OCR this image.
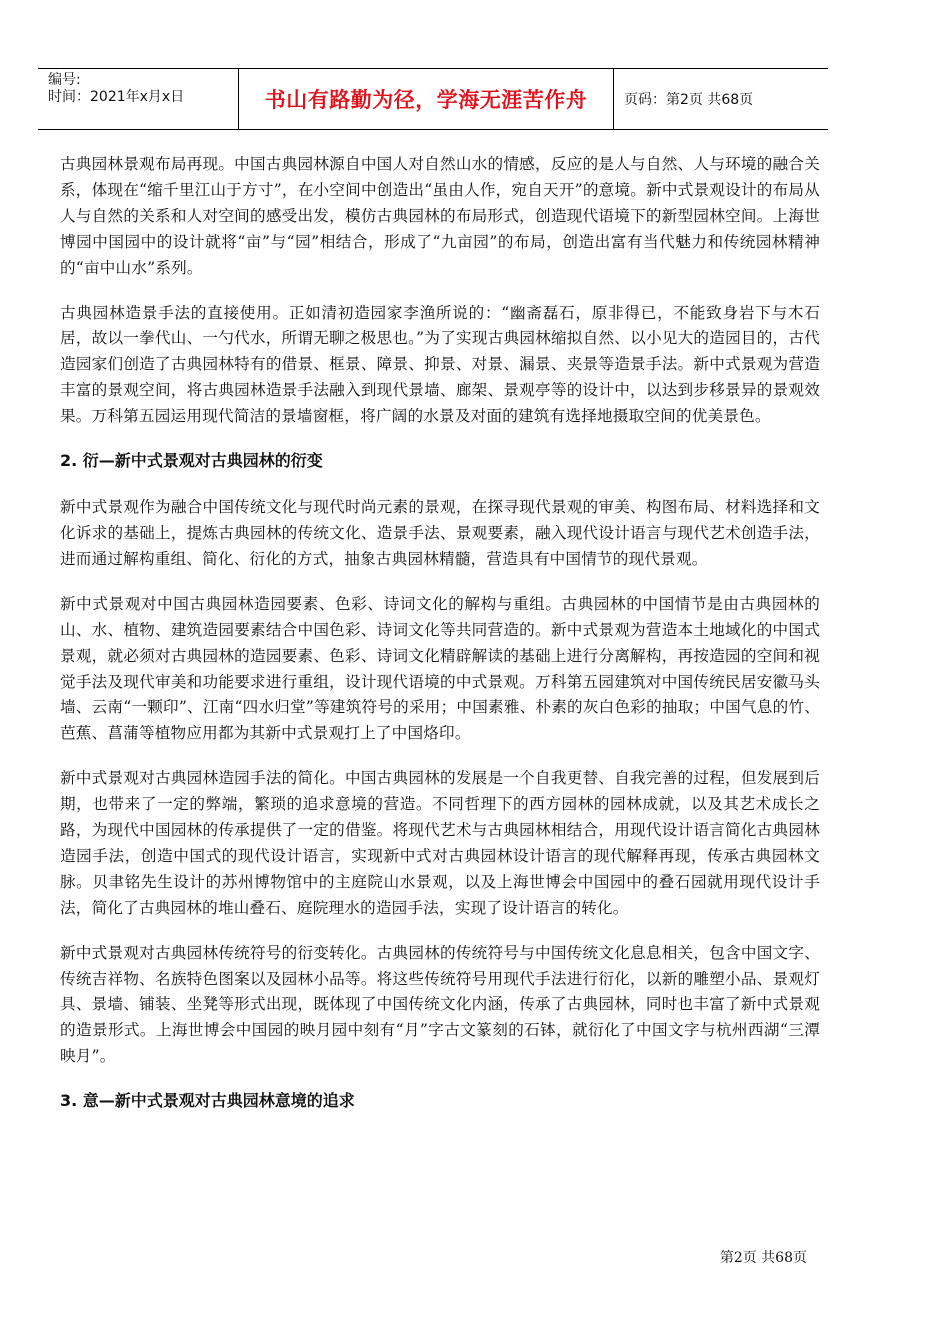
编号:
时间：2021年x月x日	书山有路勤为径，学海无涯苦作舟	页码：第2页 共68页

古典园林景观布局再现。中国古典园林源自中国人对自然山水的情感，反应的是人与自然、人与环境的融合关系，体现在“缩千里江山于方寸”，在小空间中创造出“虽由人作，宛自天开”的意境。新中式景观设计的布局从人与自然的关系和人对空间的感受出发，模仿古典园林的布局形式，创造现代语境下的新型园林空间。上海世博园中国园中的设计就将“亩”与“园”相结合，形成了“九亩园”的布局，创造出富有当代魅力和传统园林精神的“亩中山水”系列。

古典园林造景手法的直接使用。正如清初造园家李渔所说的：“幽斋磊石，原非得已，不能致身岩下与木石居，故以一拳代山、一勺代水，所谓无聊之极思也。”为了实现古典园林缩拟自然、以小见大的造园目的，古代造园家们创造了古典园林特有的借景、框景、障景、抑景、对景、漏景、夹景等造景手法。新中式景观为营造丰富的景观空间，将古典园林造景手法融入到现代景墙、廊架、景观亭等的设计中，以达到步移景异的景观效果。万科第五园运用现代简洁的景墙窗框，将广阔的水景及对面的建筑有选择地摄取空间的优美景色。

2. 衍—新中式景观对古典园林的衍变

新中式景观作为融合中国传统文化与现代时尚元素的景观，在探寻现代景观的审美、构图布局、材料选择和文化诉求的基础上，提炼古典园林的传统文化、造景手法、景观要素，融入现代设计语言与现代艺术创造手法，进而通过解构重组、简化、衍化的方式，抽象古典园林精髓，营造具有中国情节的现代景观。

新中式景观对中国古典园林造园要素、色彩、诗词文化的解构与重组。古典园林的中国情节是由古典园林的山、水、植物、建筑造园要素结合中国色彩、诗词文化等共同营造的。新中式景观为营造本土地域化的中国式景观，就必须对古典园林的造园要素、色彩、诗词文化精辟解读的基础上进行分离解构，再按造园的空间和视觉手法及现代审美和功能要求进行重组，设计现代语境的中式景观。万科第五园建筑对中国传统民居安徽马头墙、云南“一颗印”、江南“四水归堂”等建筑符号的采用；中国素雅、朴素的灰白色彩的抽取；中国气息的竹、芭蕉、菖蒲等植物应用都为其新中式景观打上了中国烙印。

新中式景观对古典园林造园手法的简化。中国古典园林的发展是一个自我更替、自我完善的过程，但发展到后期，也带来了一定的弊端，繁琐的追求意境的营造。不同哲理下的西方园林的园林成就，以及其艺术成长之路，为现代中国园林的传承提供了一定的借鉴。将现代艺术与古典园林相结合，用现代设计语言简化古典园林造园手法，创造中国式的现代设计语言，实现新中式对古典园林设计语言的现代解释再现，传承古典园林文脉。贝聿铭先生设计的苏州博物馆中的主庭院山水景观，以及上海世博会中国园中的叠石园就用现代设计手法，简化了古典园林的堆山叠石、庭院理水的造园手法，实现了设计语言的转化。

新中式景观对古典园林传统符号的衍变转化。古典园林的传统符号与中国传统文化息息相关，包含中国文字、传统吉祥物、名族特色图案以及园林小品等。将这些传统符号用现代手法进行衍化，以新的雕塑小品、景观灯具、景墙、铺装、坐凳等形式出现，既体现了中国传统文化内涵，传承了古典园林，同时也丰富了新中式景观的造景形式。上海世博会中国园的映月园中刻有“月”字古文篆刻的石钵，就衍化了中国文字与杭州西湖“三潭映月”。

3. 意—新中式景观对古典园林意境的追求
第2页 共68页
